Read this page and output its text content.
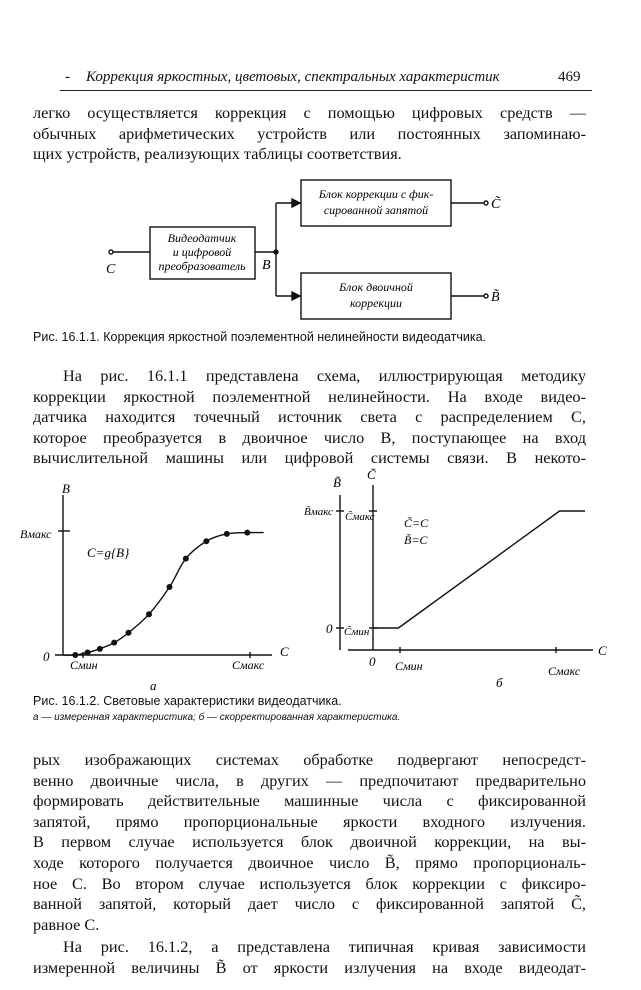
- Коррекция яркостных, цветовых, спектральных характеристик	469
легко осуществляется коррекция с помощью цифровых средств —
обычных арифметических устройств или постоянных запоминаю-
щих устройств, реализующих таблицы соответствия.
Видеодатчик
и цифровой
преобразователь
Блок коррекции с фик-
сированной запятой
Блок двоичной
коррекции
C	B
C̃
B̃
Рис. 16.1.1. Коррекция яркостной поэлементной нелинейности видеодатчика.
На рис. 16.1.1 представлена схема, иллюстрирующая методику
коррекции яркостной поэлементной нелинейности. На входе видео-
датчика находится точечный источник света с распределением C,
которое преобразуется в двоичное число B, поступающее на вход
вычислительной машины или цифровой системы связи. В некото-
B
Bмакс
C=g{B}
0	C
Cмин	Cмакс
а
B̃
C̃
B̃макс C̃макс C̃=C
B̃=C
0 C̃мин
0
C
Cмин	Cмакс
б
Рис. 16.1.2. Световые характеристики видеодатчика.
а — измеренная характеристика; б — скорректированная характеристика.
рых изображающих системах обработке подвергают непосредст-
венно двоичные числа, в других — предпочитают предварительно
формировать действительные машинные числа с фиксированной
запятой, прямо пропорциональные яркости входного излучения.
В первом случае используется блок двоичной коррекции, на вы-
ходе которого получается двоичное число B̃, прямо пропорциональ-
ное C. Во втором случае используется блок коррекции с фиксиро-
ванной запятой, который дает число с фиксированной запятой C̃,
равное C.
На рис. 16.1.2, а представлена типичная кривая зависимости
измеренной величины B̃ от яркости излучения на входе видеодат-
